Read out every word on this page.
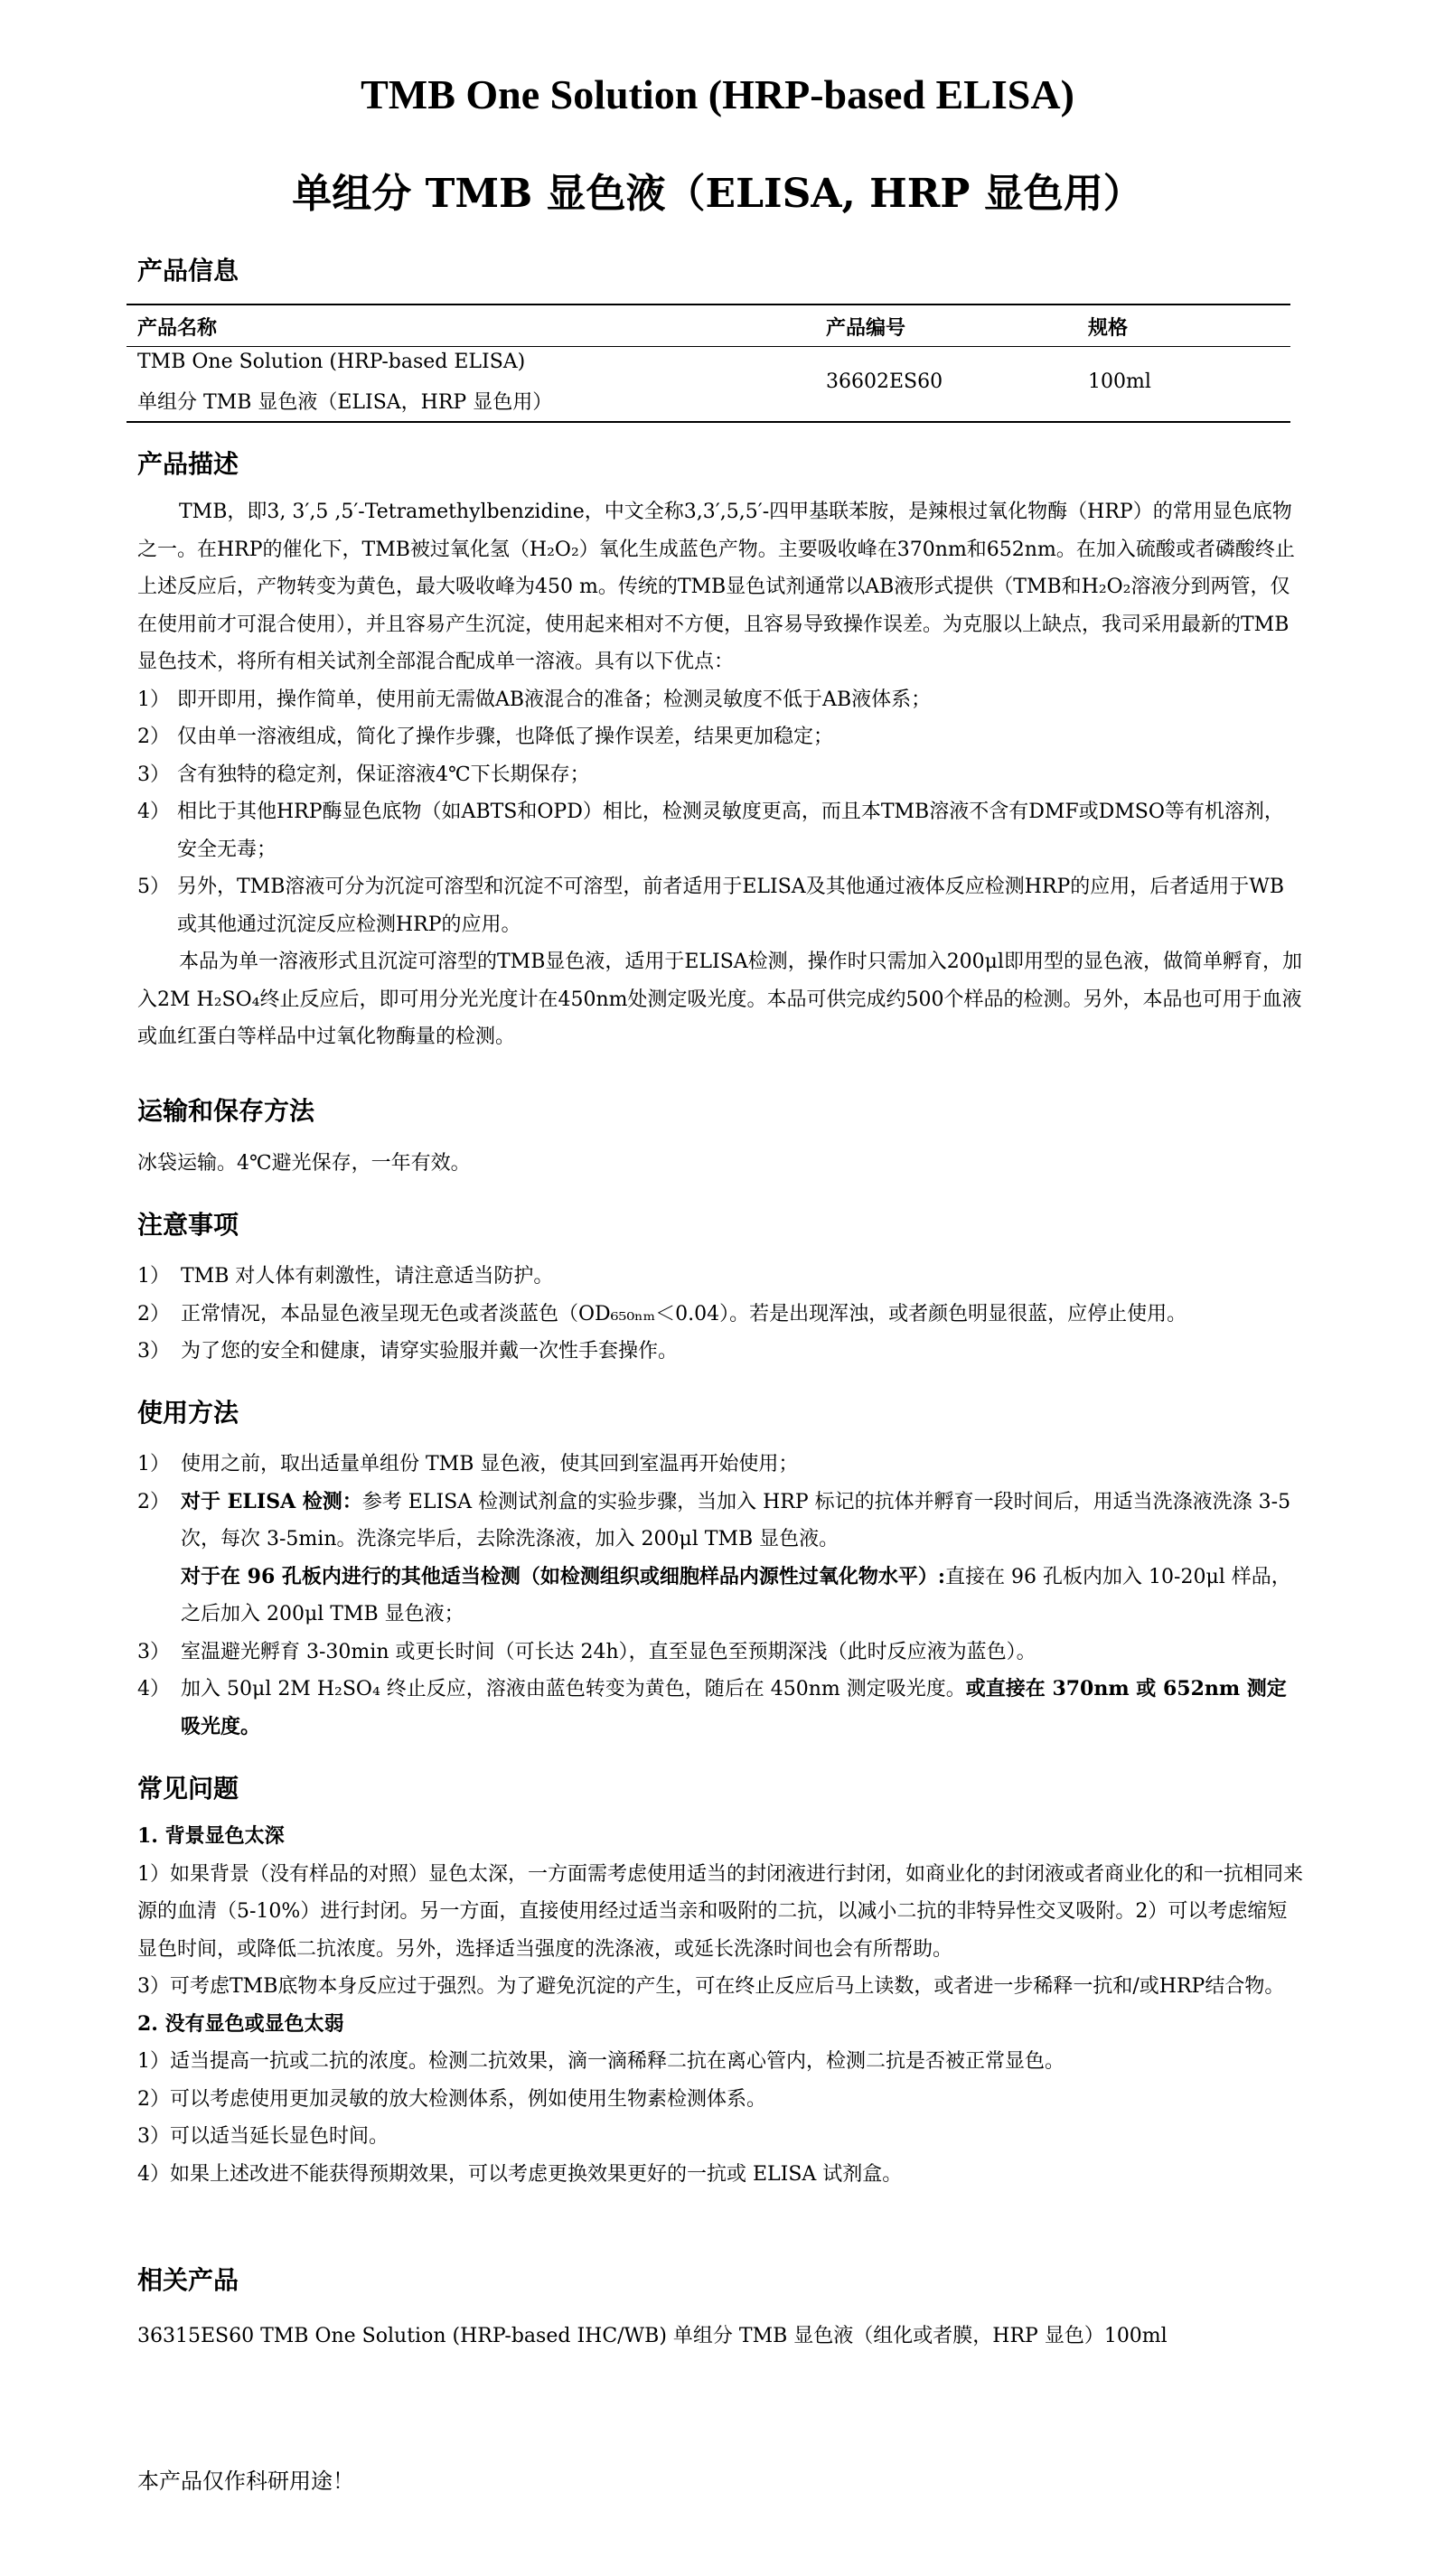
TMB One Solution (HRP-based ELISA)
单组分 TMB 显色液（ELISA, HRP 显色用）
产品信息
产品名称	产品编号	规格
TMB One Solution (HRP-based ELISA)
单组分 TMB 显色液（ELISA，HRP 显色用）
36602ES60	100ml
产品描述
TMB，即3, 3′,5 ,5′-Tetramethylbenzidine，中文全称3,3′,5,5′-四甲基联苯胺，是辣根过氧化物酶（HRP）的常用显色底物之一。在HRP的催化下，TMB被过氧化氢（H₂O₂）氧化生成蓝色产物。主要吸收峰在370nm和652nm。在加入硫酸或者磷酸终止上述反应后，产物转变为黄色，最大吸收峰为450 m。传统的TMB显色试剂通常以AB液形式提供（TMB和H₂O₂溶液分到两管，仅在使用前才可混合使用），并且容易产生沉淀，使用起来相对不方便，且容易导致操作误差。为克服以上缺点，我司采用最新的TMB显色技术，将所有相关试剂全部混合配成单一溶液。具有以下优点：
1） 即开即用，操作简单，使用前无需做AB液混合的准备；检测灵敏度不低于AB液体系；
2） 仅由单一溶液组成，简化了操作步骤，也降低了操作误差，结果更加稳定；
3） 含有独特的稳定剂，保证溶液4℃下长期保存；
4） 相比于其他HRP酶显色底物（如ABTS和OPD）相比，检测灵敏度更高，而且本TMB溶液不含有DMF或DMSO等有机溶剂，安全无毒；
5） 另外，TMB溶液可分为沉淀可溶型和沉淀不可溶型，前者适用于ELISA及其他通过液体反应检测HRP的应用，后者适用于WB或其他通过沉淀反应检测HRP的应用。
本品为单一溶液形式且沉淀可溶型的TMB显色液，适用于ELISA检测，操作时只需加入200μl即用型的显色液，做简单孵育，加入2M H₂SO₄终止反应后，即可用分光光度计在450nm处测定吸光度。本品可供完成约500个样品的检测。另外，本品也可用于血液或血红蛋白等样品中过氧化物酶量的检测。
运输和保存方法
冰袋运输。4℃避光保存，一年有效。
注意事项
1） TMB 对人体有刺激性，请注意适当防护。
2） 正常情况，本品显色液呈现无色或者淡蓝色（OD₆₅₀ₙₘ＜0.04）。若是出现浑浊，或者颜色明显很蓝，应停止使用。
3） 为了您的安全和健康，请穿实验服并戴一次性手套操作。
使用方法
1） 使用之前，取出适量单组份 TMB 显色液，使其回到室温再开始使用；
2） 对于 ELISA 检测：参考 ELISA 检测试剂盒的实验步骤，当加入 HRP 标记的抗体并孵育一段时间后，用适当洗涤液洗涤 3-5 次，每次 3-5min。洗涤完毕后，去除洗涤液，加入 200μl TMB 显色液。
对于在 96 孔板内进行的其他适当检测（如检测组织或细胞样品内源性过氧化物水平）:直接在 96 孔板内加入 10-20μl 样品，之后加入 200μl TMB 显色液；
3） 室温避光孵育 3-30min 或更长时间（可长达 24h），直至显色至预期深浅（此时反应液为蓝色）。
4） 加入 50μl 2M H₂SO₄ 终止反应，溶液由蓝色转变为黄色，随后在 450nm 测定吸光度。或直接在 370nm 或 652nm 测定吸光度。
常见问题
1. 背景显色太深
1）如果背景（没有样品的对照）显色太深，一方面需考虑使用适当的封闭液进行封闭，如商业化的封闭液或者商业化的和一抗相同来源的血清（5-10%）进行封闭。另一方面，直接使用经过适当亲和吸附的二抗，以减小二抗的非特异性交叉吸附。2）可以考虑缩短显色时间，或降低二抗浓度。另外，选择适当强度的洗涤液，或延长洗涤时间也会有所帮助。
3）可考虑TMB底物本身反应过于强烈。为了避免沉淀的产生，可在终止反应后马上读数，或者进一步稀释一抗和/或HRP结合物。
2. 没有显色或显色太弱
1）适当提高一抗或二抗的浓度。检测二抗效果，滴一滴稀释二抗在离心管内，检测二抗是否被正常显色。
2）可以考虑使用更加灵敏的放大检测体系，例如使用生物素检测体系。
3）可以适当延长显色时间。
4）如果上述改进不能获得预期效果，可以考虑更换效果更好的一抗或 ELISA 试剂盒。
相关产品
36315ES60 TMB One Solution (HRP-based IHC/WB) 单组分 TMB 显色液（组化或者膜，HRP 显色）100ml
本产品仅作科研用途！
